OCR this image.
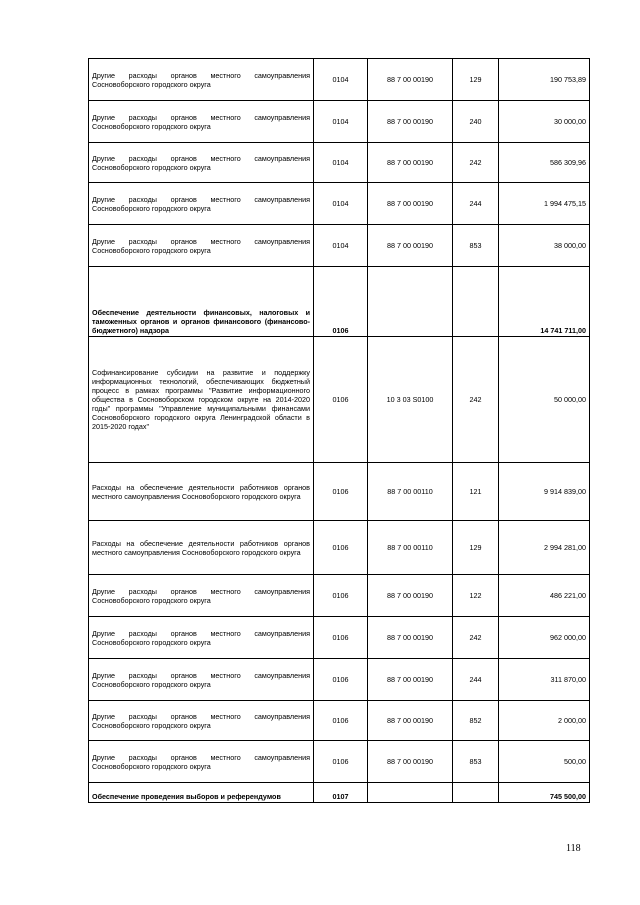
Другие расходы органов местного самоуправления Сосновоборского городского округа	0104	88 7 00 00190	129	190 753,89
Другие расходы органов местного самоуправления Сосновоборского городского округа	0104	88 7 00 00190	240	30 000,00
Другие расходы органов местного самоуправления Сосновоборского городского округа	0104	88 7 00 00190	242	586 309,96
Другие расходы органов местного самоуправления Сосновоборского городского округа	0104	88 7 00 00190	244	1 994 475,15
Другие расходы органов местного самоуправления Сосновоборского городского округа	0104	88 7 00 00190	853	38 000,00
Обеспечение деятельности финансовых, налоговых и таможенных органов и органов финансового (финансово-бюджетного) надзора	0106			14 741 711,00
Софинансирование субсидии на развитие и поддержку информационных технологий, обеспечивающих бюджетный процесс в рамках программы "Развитие информационного общества в Сосновоборском городском округе на 2014-2020 годы" программы "Управление муниципальными финансами Сосновоборского городского округа Ленинградской области в 2015-2020 годах"	0106	10 3 03 S0100	242	50 000,00
Расходы на обеспечение деятельности работников органов местного самоуправления Сосновоборского городского округа	0106	88 7 00 00110	121	9 914 839,00
Расходы на обеспечение деятельности работников органов местного самоуправления Сосновоборского городского округа	0106	88 7 00 00110	129	2 994 281,00
Другие расходы органов местного самоуправления Сосновоборского городского округа	0106	88 7 00 00190	122	486 221,00
Другие расходы органов местного самоуправления Сосновоборского городского округа	0106	88 7 00 00190	242	962 000,00
Другие расходы органов местного самоуправления Сосновоборского городского округа	0106	88 7 00 00190	244	311 870,00
Другие расходы органов местного самоуправления Сосновоборского городского округа	0106	88 7 00 00190	852	2 000,00
Другие расходы органов местного самоуправления Сосновоборского городского округа	0106	88 7 00 00190	853	500,00
Обеспечение проведения выборов и референдумов	0107			745 500,00
118
